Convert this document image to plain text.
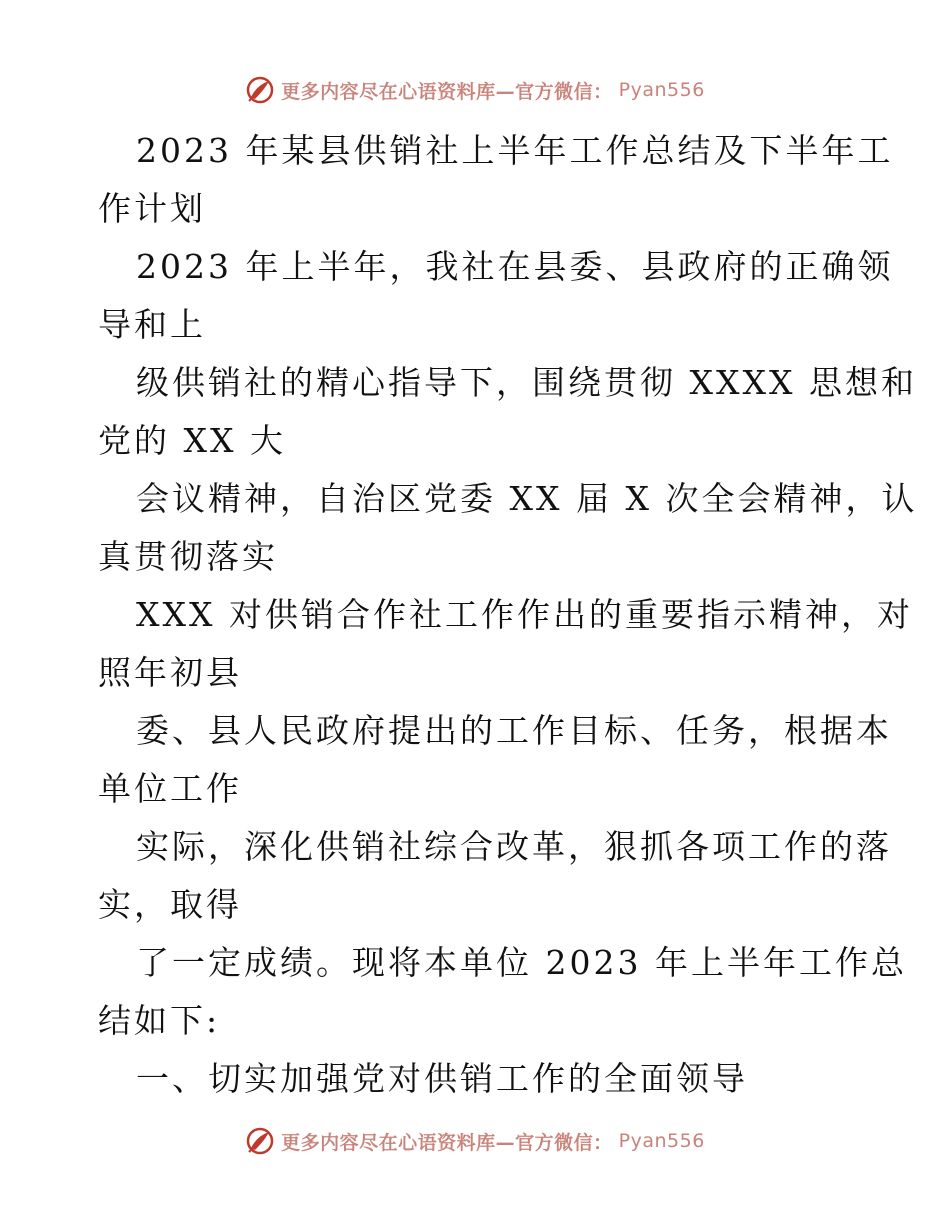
更多内容尽在心语资料库—官方微信： Pyan556
2023 年某县供销社上半年工作总结及下半年工
作计划
2023 年上半年，我社在县委、县政府的正确领
导和上
级供销社的精心指导下，围绕贯彻 XXXX 思想和
党的 XX 大
会议精神，自治区党委 XX 届 X 次全会精神，认
真贯彻落实
XXX 对供销合作社工作作出的重要指示精神，对
照年初县
委、县人民政府提出的工作目标、任务，根据本
单位工作
实际，深化供销社综合改革，狠抓各项工作的落
实，取得
了一定成绩。现将本单位 2023 年上半年工作总
结如下:
一、切实加强党对供销工作的全面领导
更多内容尽在心语资料库—官方微信： Pyan556
